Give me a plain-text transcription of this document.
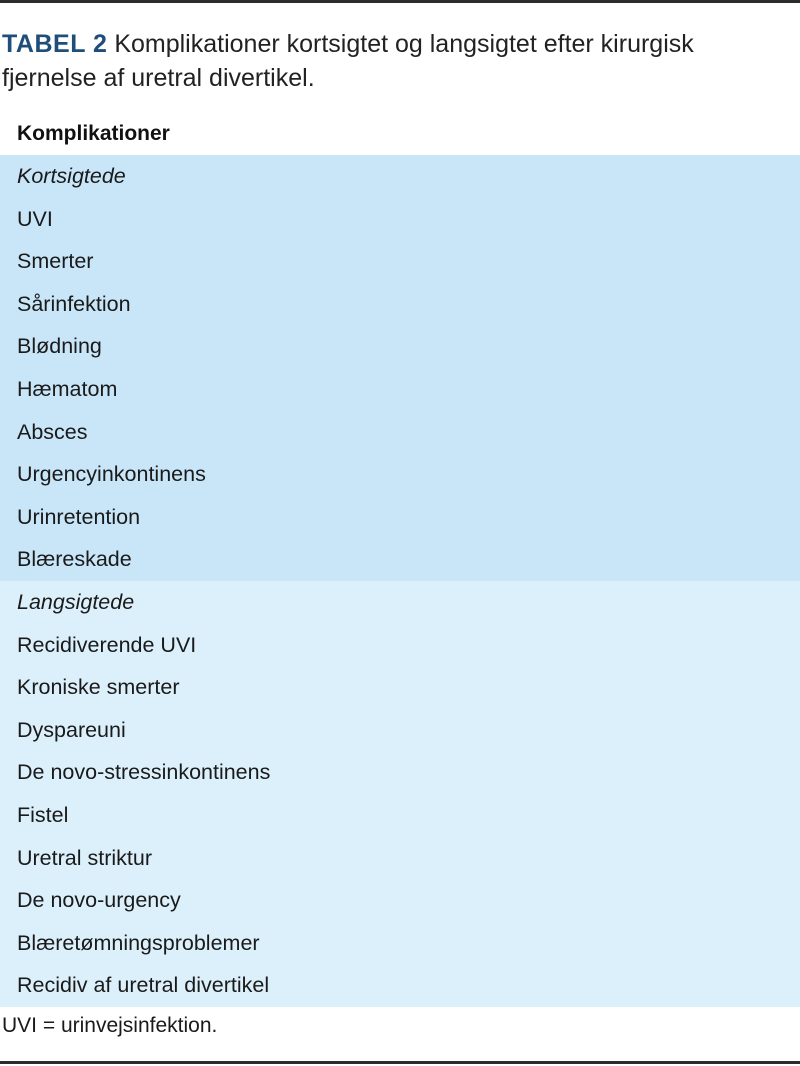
TABEL 2 Komplikationer kortsigtet og langsigtet efter kirurgisk fjernelse af uretral divertikel.
Komplikationer
Kortsigtede
UVI
Smerter
Sårinfektion
Blødning
Hæmatom
Absces
Urgencyinkontinens
Urinretention
Blæreskade
Langsigtede
Recidiverende UVI
Kroniske smerter
Dyspareuni
De novo-stressinkontinens
Fistel
Uretral striktur
De novo-urgency
Blæretømningsproblemer
Recidiv af uretral divertikel
UVI = urinvejsinfektion.
